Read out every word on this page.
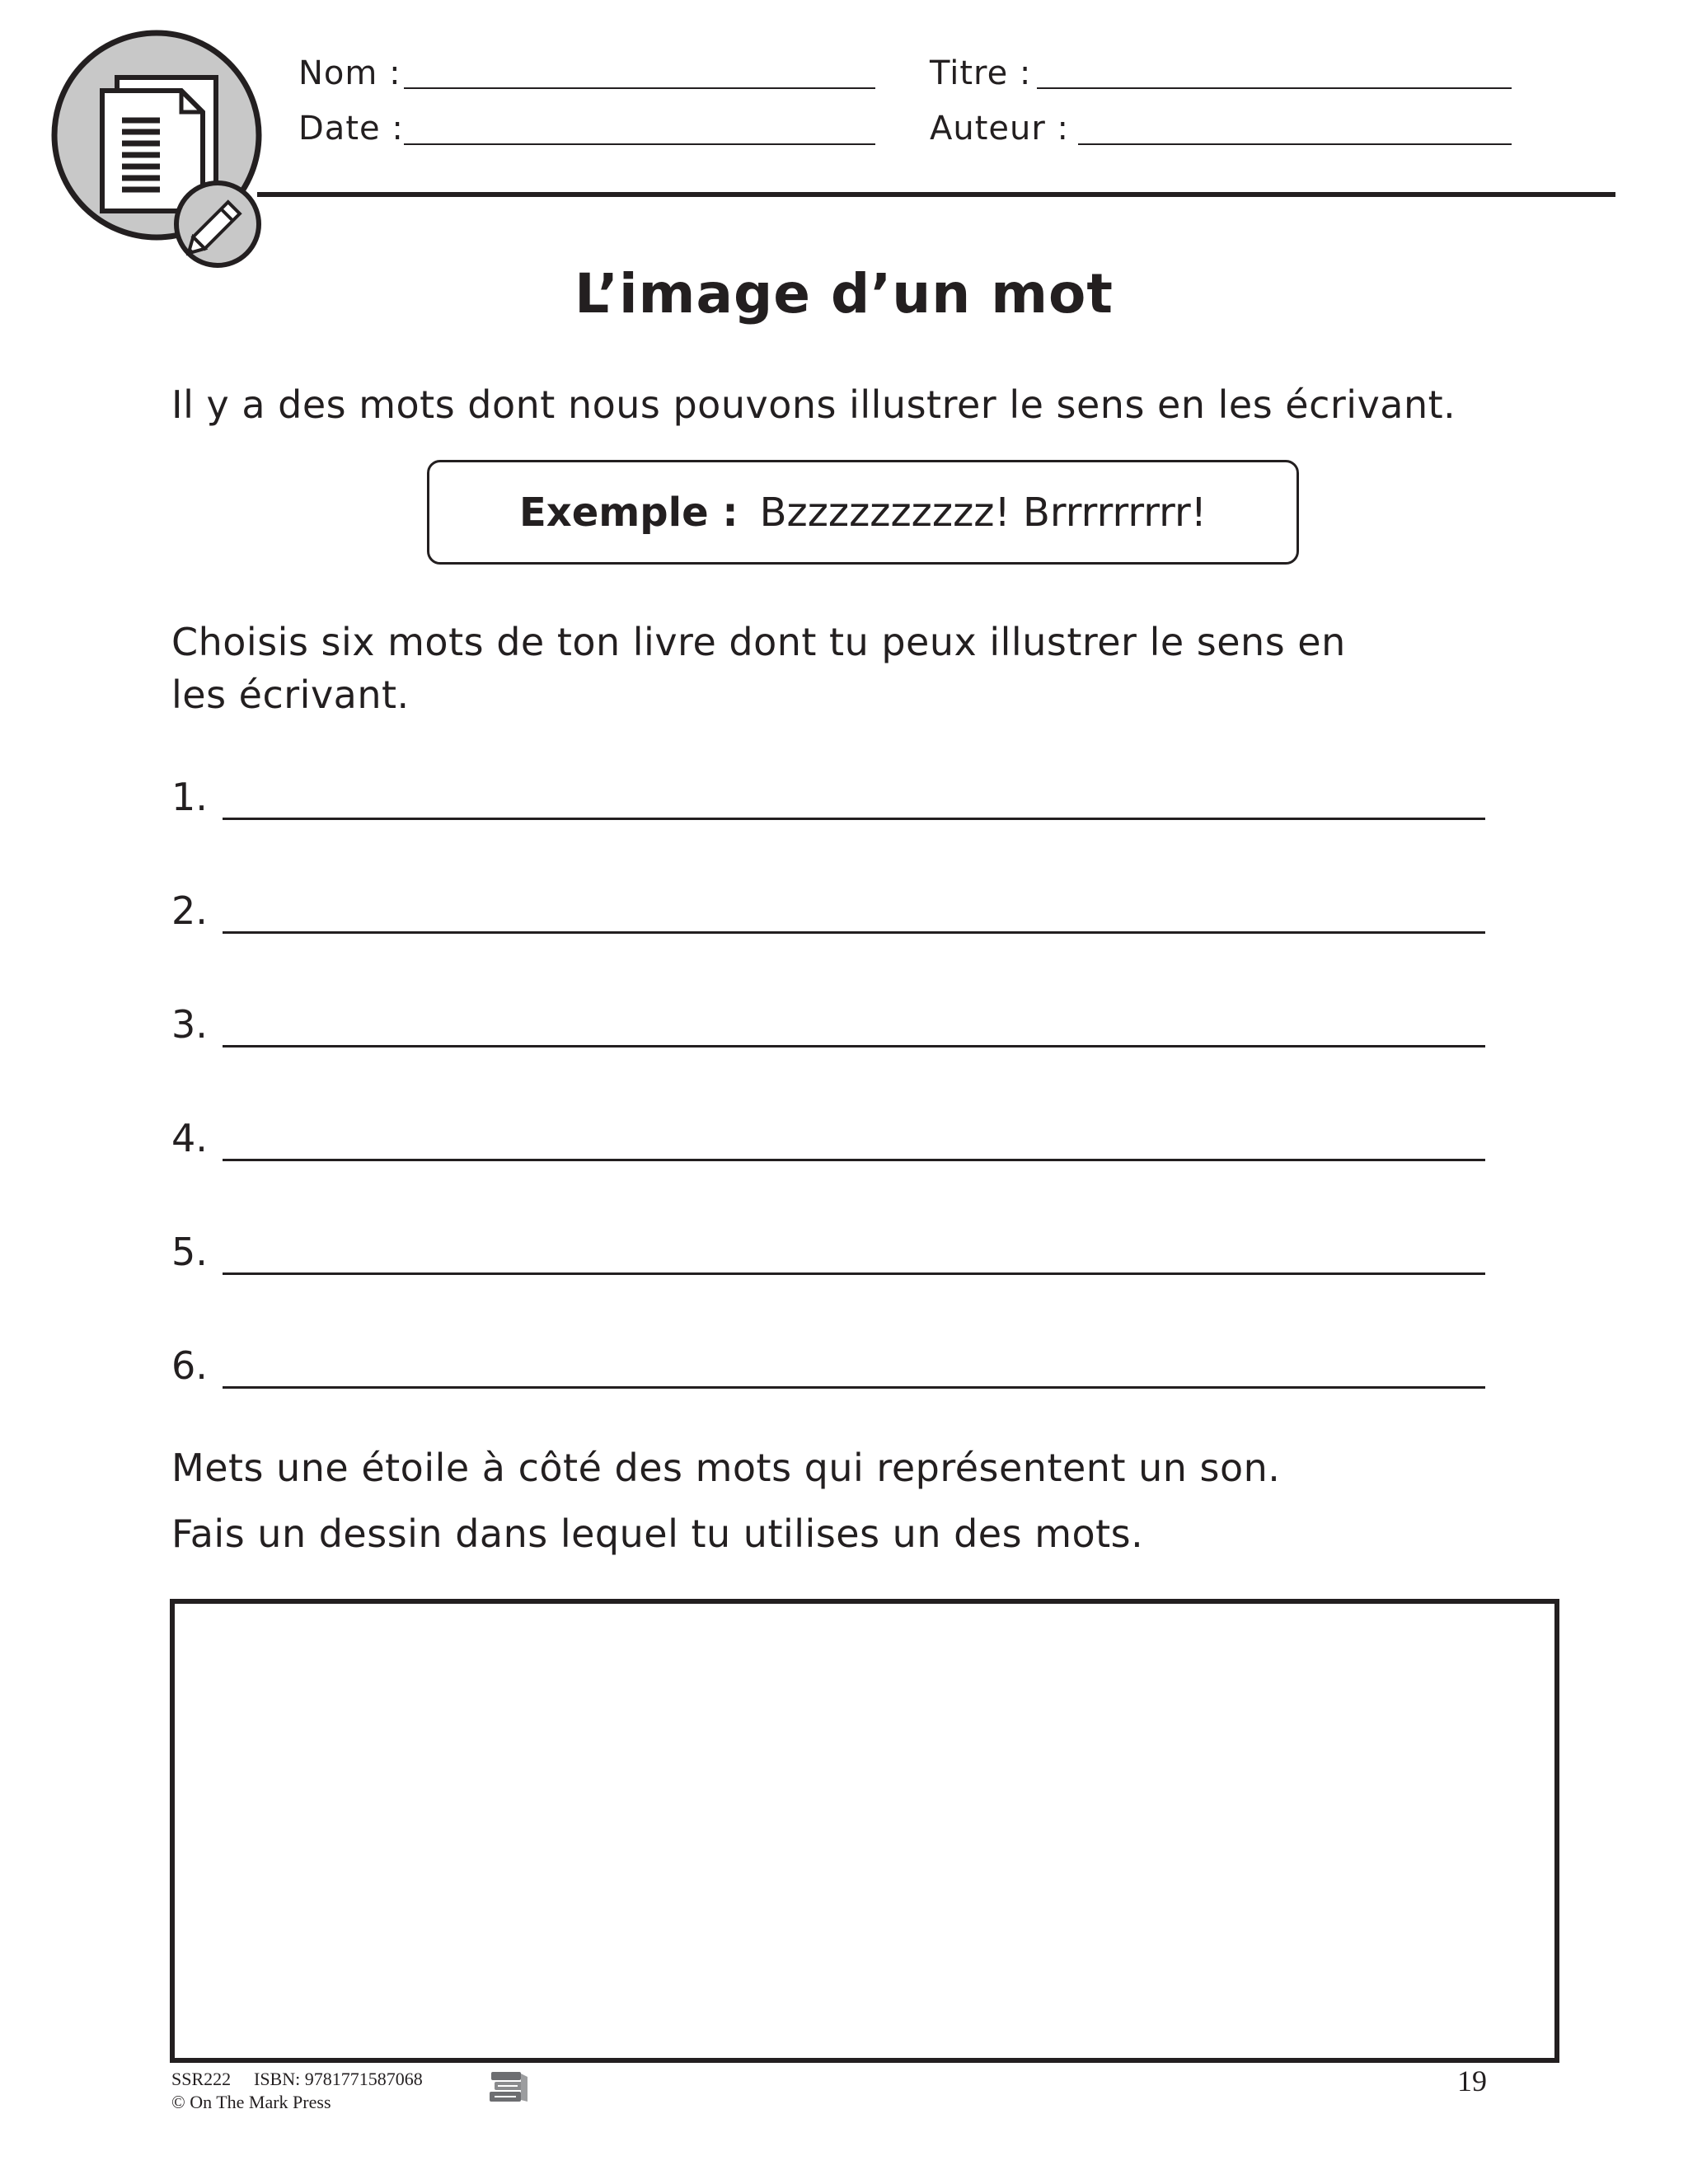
Nom :
Date :
Titre :
Auteur :
L’image d’un mot
Il y a des mots dont nous pouvons illustrer le sens en les écrivant.
Exemple : Bzzzzzzzzzz! Brrrrrrrrr!
Choisis six mots de ton livre dont tu peux illustrer le sens en
les écrivant.
1.
2.
3.
4.
5.
6.
Mets une étoile à côté des mots qui représentent un son.
Fais un dessin dans lequel tu utilises un des mots.
SSR222 ISBN: 9781771587068
© On The Mark Press
19
